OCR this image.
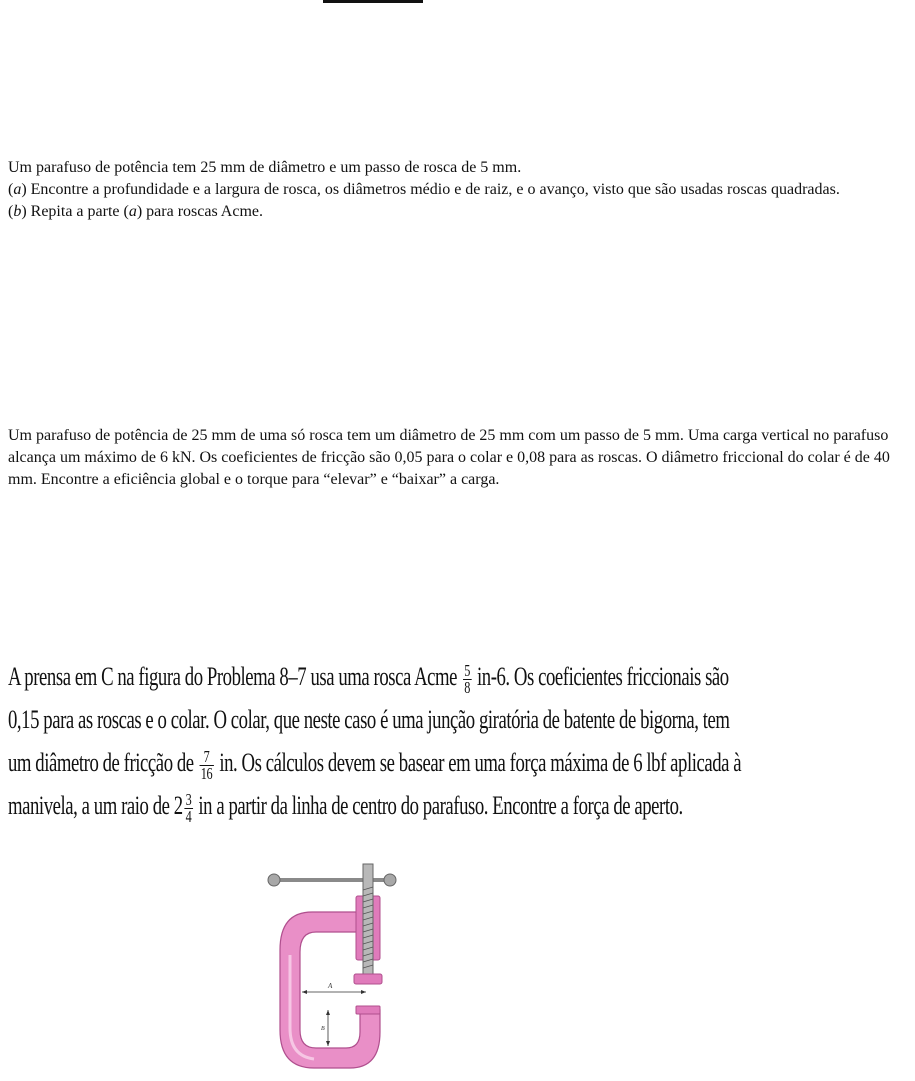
Um parafuso de potência tem 25 mm de diâmetro e um passo de rosca de 5 mm.
(a) Encontre a profundidade e a largura de rosca, os diâmetros médio e de raiz, e o avanço, visto que são usadas roscas quadradas.
(b) Repita a parte (a) para roscas Acme.
Um parafuso de potência de 25 mm de uma só rosca tem um diâmetro de 25 mm com um passo de 5 mm. Uma carga vertical no parafuso alcança um máximo de 6 kN. Os coeficientes de fricção são 0,05 para o colar e 0,08 para as roscas. O diâmetro friccional do colar é de 40 mm. Encontre a eficiência global e o torque para “elevar” e “baixar” a carga.
A prensa em C na figura do Problema 8–7 usa uma rosca Acme $\frac{5}{8} in-6$. Os coeficientes friccionais são
0,15 para as roscas e o colar. O colar, que neste caso é uma junção giratória de batente de bigorna, tem
um diâmetro de fricção de $\frac{7}{16}$ in. Os cálculos devem se basear em uma força máxima de 6 lbf aplicada à
manivela, a um raio de $2 \frac{3}{4}$ in a partir da linha de centro do parafuso. Encontre a força de aperto.
A
B
